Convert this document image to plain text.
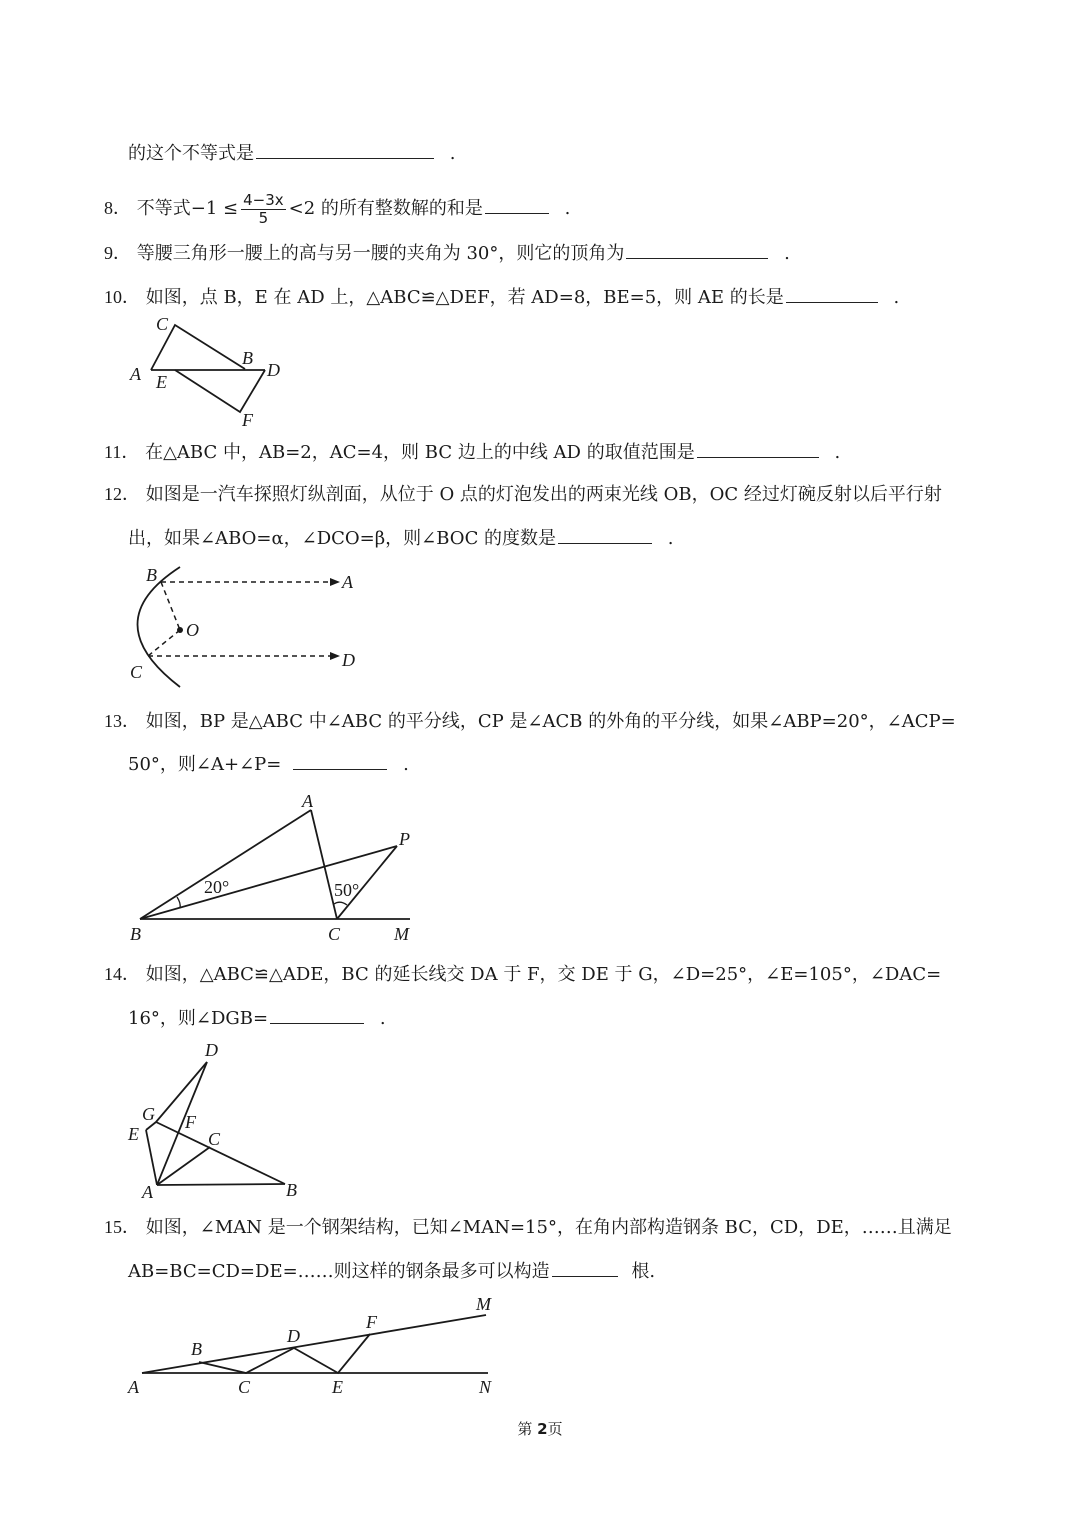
的这个不等式是	.
8． 不等式$-1 \le \frac{4-3x}{5} <2$ 的所有整数解的和是	.
9． 等腰三角形一腰上的高与另一腰的夹角为 30°，则它的顶角为	.
10． 如图，点 B，E 在 AD 上，△ABC≌△DEF，若 AD=8，BE=5，则 AE 的长是	.
C
B
D
A E
F
11． 在△ABC 中，AB=2，AC=4，则 BC 边上的中线 AD 的取值范围是	.
12． 如图是一汽车探照灯纵剖面，从位于 O 点的灯泡发出的两束光线 OB，OC 经过灯碗反射以后平行射
出，如果∠ABO=α，∠DCO=β，则∠BOC 的度数是	.
B	A
O
C
D
13． 如图，BP 是△ABC 中∠ABC 的平分线，CP 是∠ACB 的外角的平分线，如果∠ABP=20°，∠ACP=
50°，则∠A+∠P=	.
A
P
B	C	M
20°	50°
14． 如图，△ABC≌△ADE，BC 的延长线交 DA 于 F，交 DE 于 G，∠D=25°，∠E=105°，∠DAC=
16°，则∠DGB=	.
D
G F
E	C
A	B
15． 如图，∠MAN 是一个钢架结构，已知∠MAN=15°，在角内部构造钢条 BC，CD，DE，……且满足
AB=BC=CD=DE=……则这样的钢条最多可以构造	根.
M
F
D
B
A	C	E	N
第 2页
